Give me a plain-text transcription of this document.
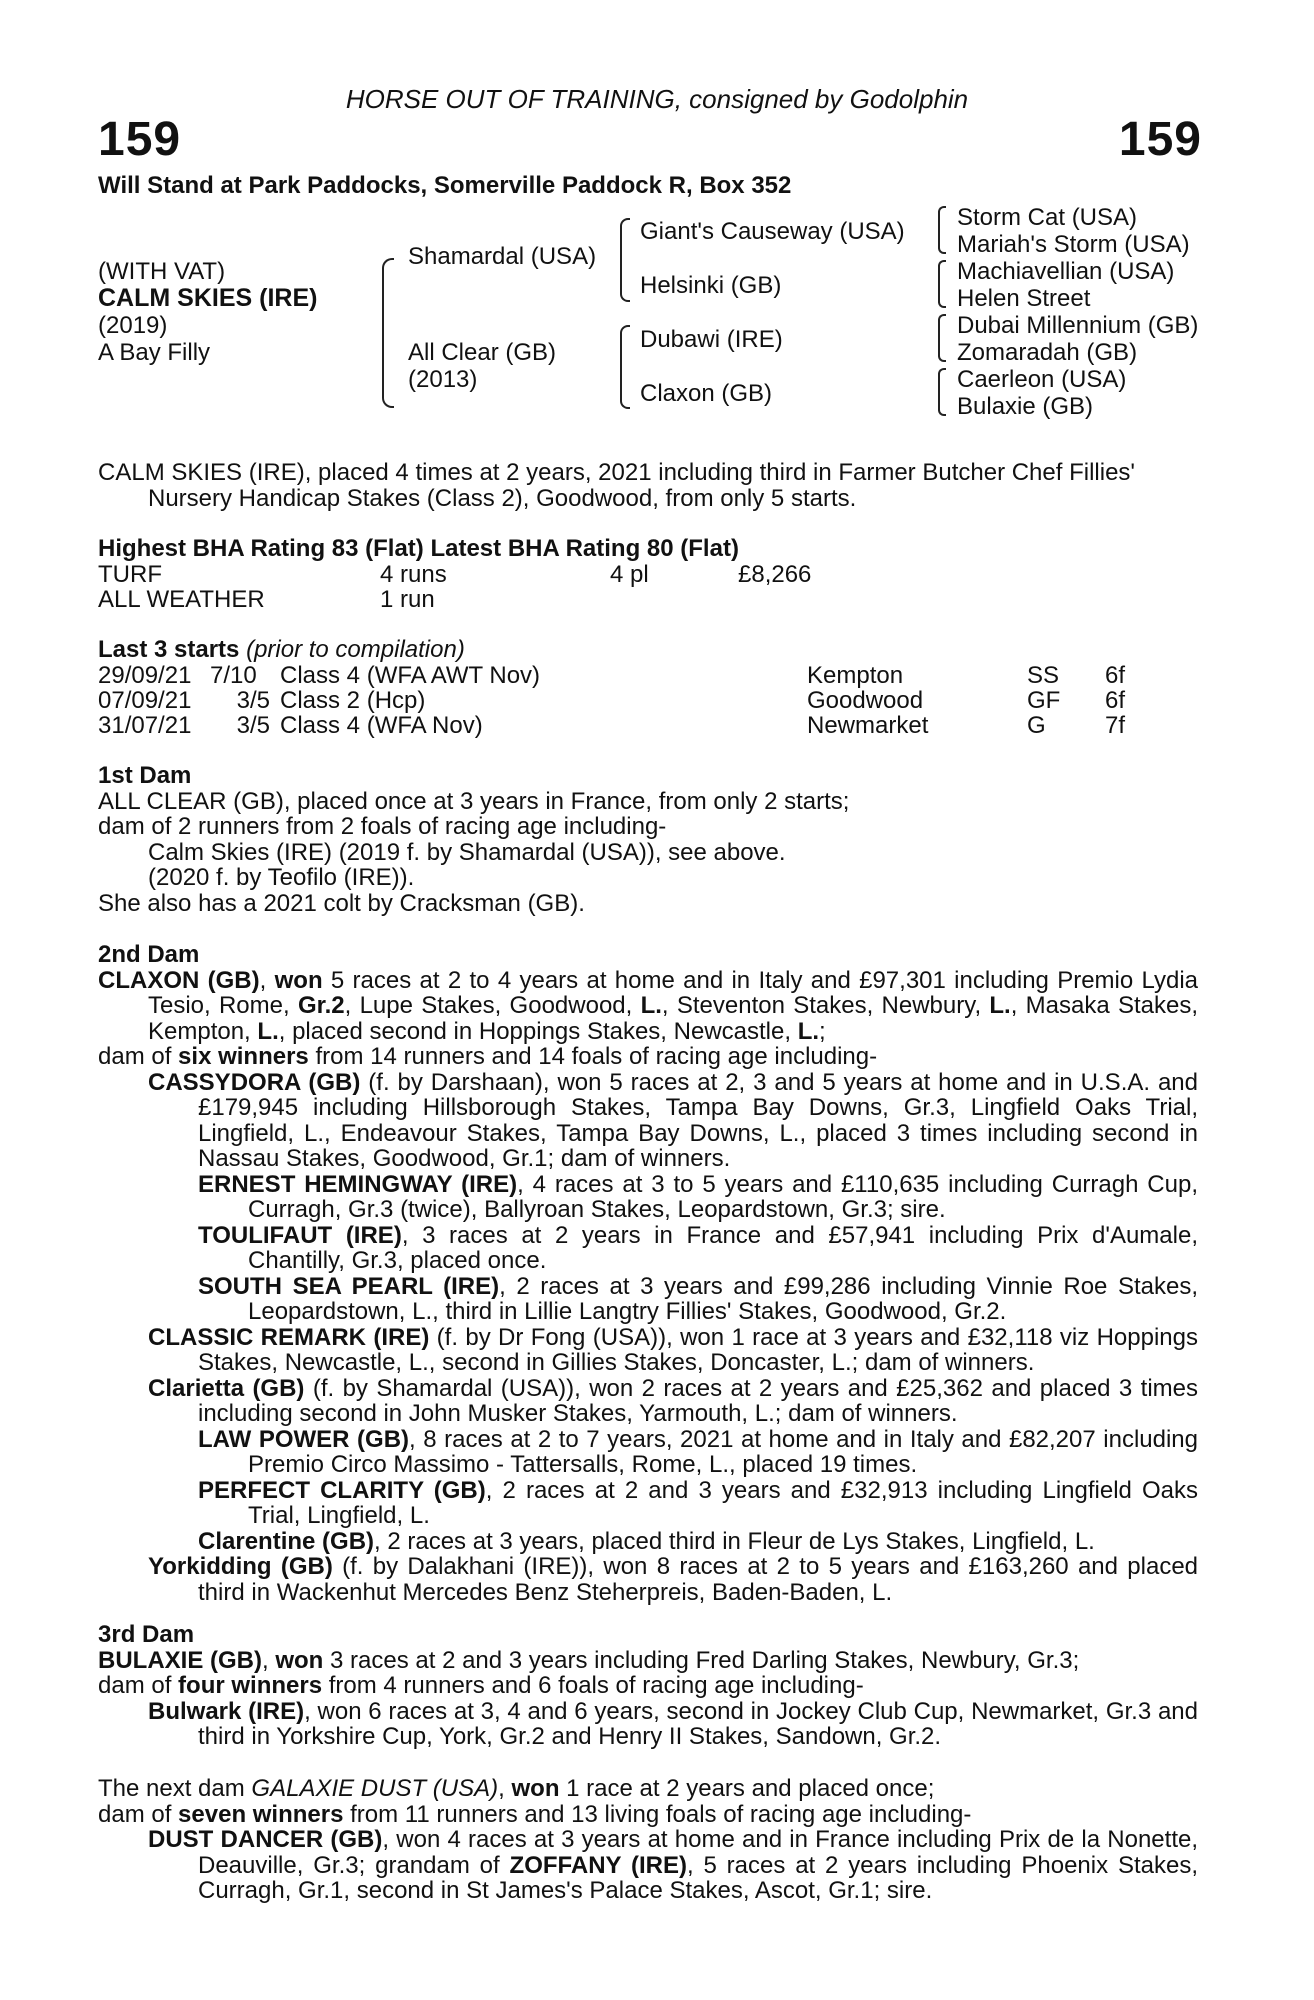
HORSE OUT OF TRAINING, consigned by Godolphin
159	159
Will Stand at Park Paddocks, Somerville Paddock R, Box 352
(WITH VAT)
CALM SKIES (IRE)
(2019)
A Bay Filly
Shamardal (USA)
All Clear (GB)
(2013)
Giant's Causeway (USA)
Helsinki (GB)
Dubawi (IRE)
Claxon (GB)
Storm Cat (USA)
Mariah's Storm (USA)
Machiavellian (USA)
Helen Street
Dubai Millennium (GB)
Zomaradah (GB)
Caerleon (USA)
Bulaxie (GB)
CALM SKIES (IRE), placed 4 times at 2 years, 2021 including third in Farmer Butcher Chef Fillies'
Nursery Handicap Stakes (Class 2), Goodwood, from only 5 starts.
Highest BHA Rating 83 (Flat) Latest BHA Rating 80 (Flat)
TURF	4 runs	4 pl	£8,266
ALL WEATHER	1 run		
Last 3 starts (prior to compilation)
29/09/21	7/10	Class 4 (WFA AWT Nov)	Kempton	SS	6f
07/09/21	3/5	Class 2 (Hcp)	Goodwood	GF	6f
31/07/21	3/5	Class 4 (WFA Nov)	Newmarket	G	7f
1st Dam
ALL CLEAR (GB), placed once at 3 years in France, from only 2 starts;
dam of 2 runners from 2 foals of racing age including-
Calm Skies (IRE) (2019 f. by Shamardal (USA)), see above.
(2020 f. by Teofilo (IRE)).
She also has a 2021 colt by Cracksman (GB).
2nd Dam
CLAXON (GB), won 5 races at 2 to 4 years at home and in Italy and £97,301 including Premio Lydia Tesio, Rome, Gr.2, Lupe Stakes, Goodwood, L., Steventon Stakes, Newbury, L., Masaka Stakes, Kempton, L., placed second in Hoppings Stakes, Newcastle, L.;
dam of six winners from 14 runners and 14 foals of racing age including-
CASSYDORA (GB) (f. by Darshaan), won 5 races at 2, 3 and 5 years at home and in U.S.A. and £179,945 including Hillsborough Stakes, Tampa Bay Downs, Gr.3, Lingfield Oaks Trial, Lingfield, L., Endeavour Stakes, Tampa Bay Downs, L., placed 3 times including second in Nassau Stakes, Goodwood, Gr.1; dam of winners.
ERNEST HEMINGWAY (IRE), 4 races at 3 to 5 years and £110,635 including Curragh Cup, Curragh, Gr.3 (twice), Ballyroan Stakes, Leopardstown, Gr.3; sire.
TOULIFAUT (IRE), 3 races at 2 years in France and £57,941 including Prix d'Aumale, Chantilly, Gr.3, placed once.
SOUTH SEA PEARL (IRE), 2 races at 3 years and £99,286 including Vinnie Roe Stakes, Leopardstown, L., third in Lillie Langtry Fillies' Stakes, Goodwood, Gr.2.
CLASSIC REMARK (IRE) (f. by Dr Fong (USA)), won 1 race at 3 years and £32,118 viz Hoppings Stakes, Newcastle, L., second in Gillies Stakes, Doncaster, L.; dam of winners.
Clarietta (GB) (f. by Shamardal (USA)), won 2 races at 2 years and £25,362 and placed 3 times including second in John Musker Stakes, Yarmouth, L.; dam of winners.
LAW POWER (GB), 8 races at 2 to 7 years, 2021 at home and in Italy and £82,207 including Premio Circo Massimo - Tattersalls, Rome, L., placed 19 times.
PERFECT CLARITY (GB), 2 races at 2 and 3 years and £32,913 including Lingfield Oaks Trial, Lingfield, L.
Clarentine (GB), 2 races at 3 years, placed third in Fleur de Lys Stakes, Lingfield, L.
Yorkidding (GB) (f. by Dalakhani (IRE)), won 8 races at 2 to 5 years and £163,260 and placed third in Wackenhut Mercedes Benz Steherpreis, Baden-Baden, L.
3rd Dam
BULAXIE (GB), won 3 races at 2 and 3 years including Fred Darling Stakes, Newbury, Gr.3;
dam of four winners from 4 runners and 6 foals of racing age including-
Bulwark (IRE), won 6 races at 3, 4 and 6 years, second in Jockey Club Cup, Newmarket, Gr.3 and third in Yorkshire Cup, York, Gr.2 and Henry II Stakes, Sandown, Gr.2.
The next dam GALAXIE DUST (USA), won 1 race at 2 years and placed once;
dam of seven winners from 11 runners and 13 living foals of racing age including-
DUST DANCER (GB), won 4 races at 3 years at home and in France including Prix de la Nonette, Deauville, Gr.3; grandam of ZOFFANY (IRE), 5 races at 2 years including Phoenix Stakes, Curragh, Gr.1, second in St James's Palace Stakes, Ascot, Gr.1; sire.
